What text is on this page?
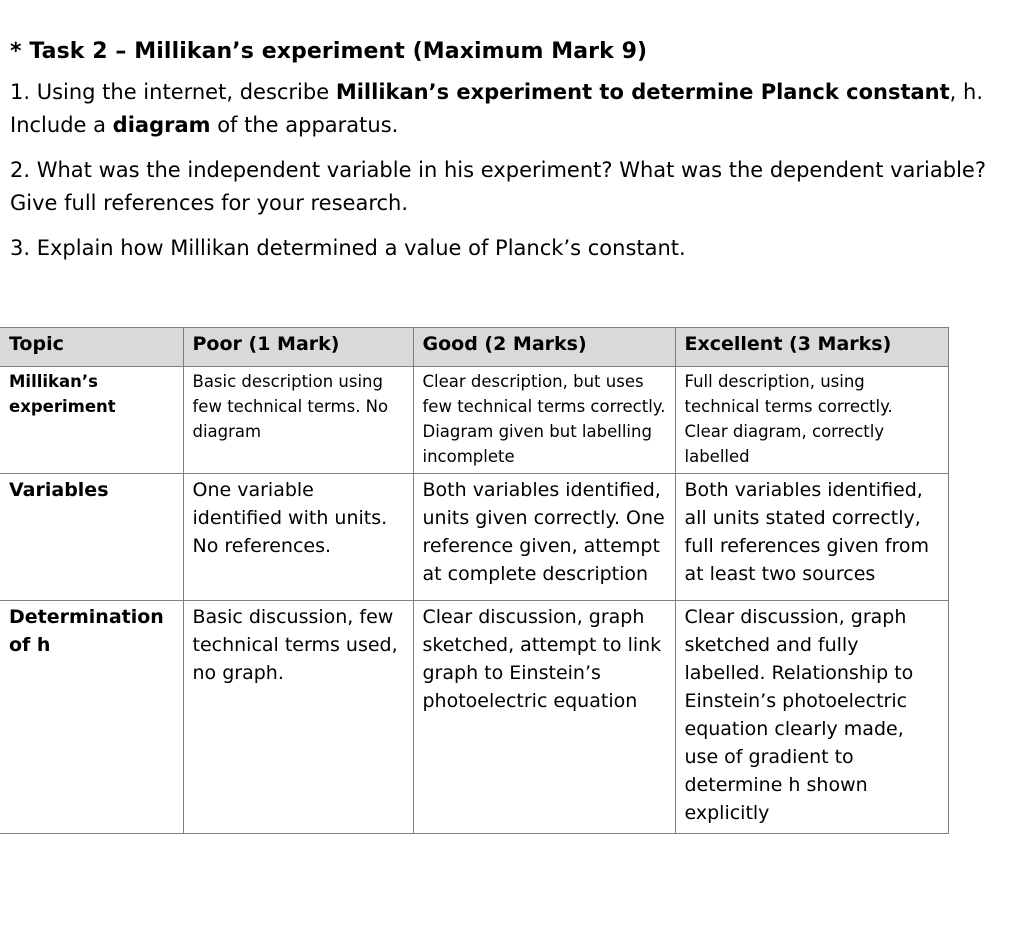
* Task 2 – Millikan’s experiment (Maximum Mark 9)

1. Using the internet, describe Millikan’s experiment to determine Planck constant, h. Include a diagram of the apparatus.

2. What was the independent variable in his experiment? What was the dependent variable? Give full references for your research.

3. Explain how Millikan determined a value of Planck’s constant.

Topic	Poor (1 Mark)	Good (2 Marks)	Excellent (3 Marks)
Millikan’s experiment	Basic description using few technical terms. No diagram	Clear description, but uses few technical terms correctly. Diagram given but labelling incomplete	Full description, using technical terms correctly. Clear diagram, correctly labelled
Variables	One variable identified with units. No references.	Both variables identified, units given correctly. One reference given, attempt at complete description	Both variables identified, all units stated correctly, full references given from at least two sources
Determination of h	Basic discussion, few technical terms used, no graph.	Clear discussion, graph sketched, attempt to link graph to Einstein’s photoelectric equation	Clear discussion, graph sketched and fully labelled. Relationship to Einstein’s photoelectric equation clearly made, use of gradient to determine h shown explicitly
